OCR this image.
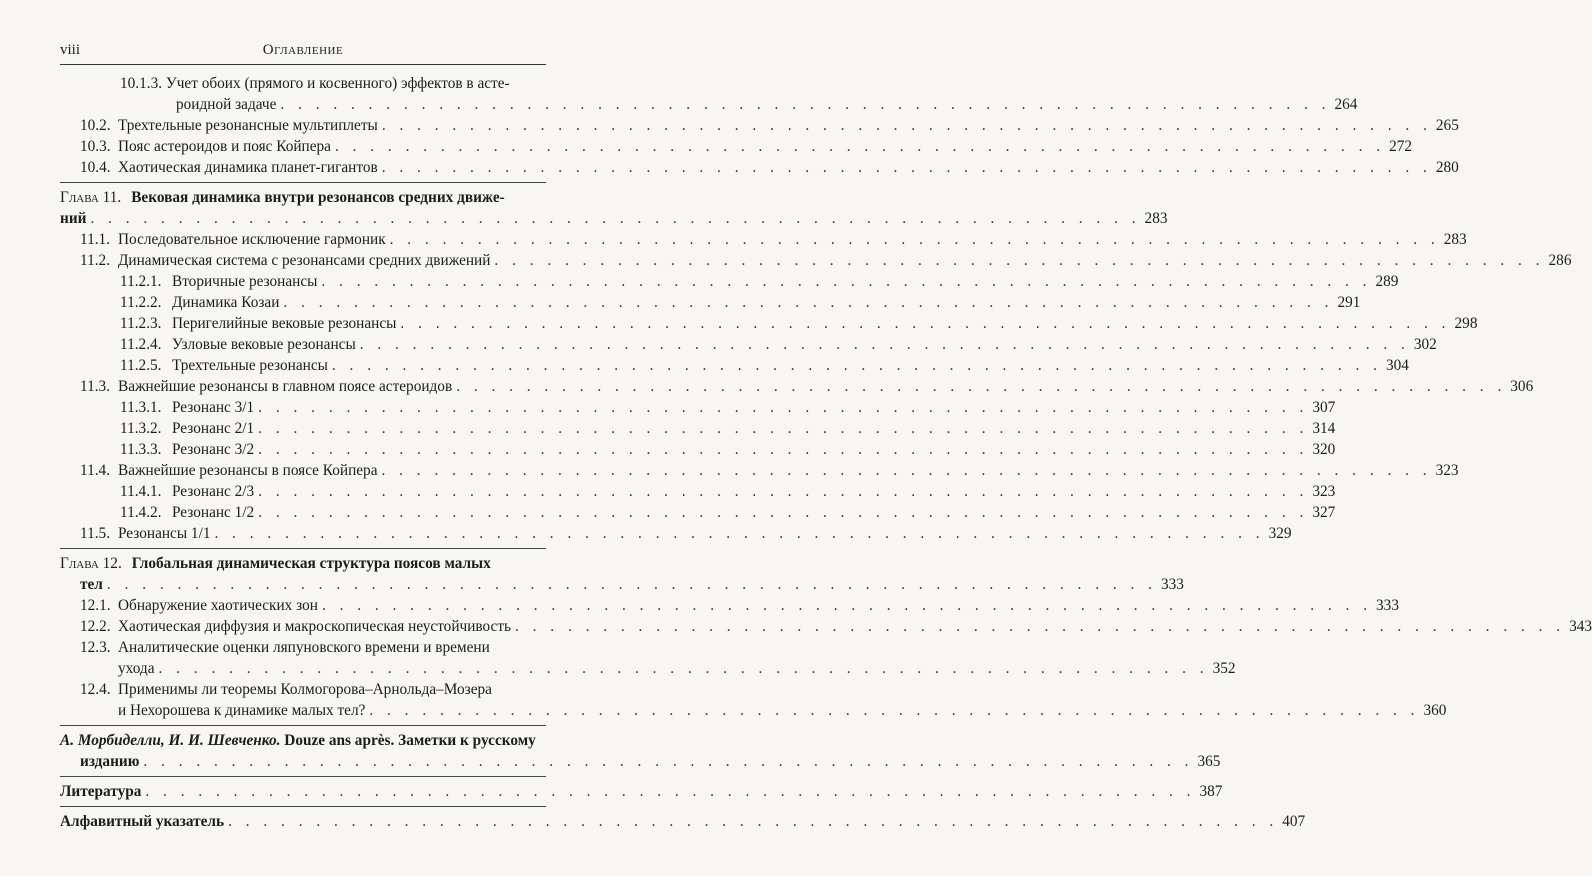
viii	Оглавление
10.1.3. Учет обоих (прямого и косвенного) эффектов в асте-
роидной задаче . . . . . . . . . . . . . . . . . . . . . . . . . . . . . . . . . . . . . . . . . . . . . . . . . . . . . . . . . . . . 264
10.2. Трехтельные резонансные мультиплеты . . . . . . . . . . . . . . . . . . . . . . . . . . . . . . . . . . . . . . . . . . . . . . . . . . . . . . . . . . . . 265
10.3. Пояс астероидов и пояс Койпера . . . . . . . . . . . . . . . . . . . . . . . . . . . . . . . . . . . . . . . . . . . . . . . . . . . . . . . . . . . . 272
10.4. Хаотическая динамика планет-гигантов . . . . . . . . . . . . . . . . . . . . . . . . . . . . . . . . . . . . . . . . . . . . . . . . . . . . . . . . . . . . 280
Глава 11. Вековая динамика внутри резонансов средних движе-
ний . . . . . . . . . . . . . . . . . . . . . . . . . . . . . . . . . . . . . . . . . . . . . . . . . . . . . . . . . . . . 283
11.1. Последовательное исключение гармоник . . . . . . . . . . . . . . . . . . . . . . . . . . . . . . . . . . . . . . . . . . . . . . . . . . . . . . . . . . . . 283
11.2. Динамическая система с резонансами средних движений . . . . . . . . . . . . . . . . . . . . . . . . . . . . . . . . . . . . . . . . . . . . . . . . . . . . . . . . . . . . 286
11.2.1. Вторичные резонансы . . . . . . . . . . . . . . . . . . . . . . . . . . . . . . . . . . . . . . . . . . . . . . . . . . . . . . . . . . . . 289
11.2.2. Динамика Козаи . . . . . . . . . . . . . . . . . . . . . . . . . . . . . . . . . . . . . . . . . . . . . . . . . . . . . . . . . . . . 291
11.2.3. Перигелийные вековые резонансы . . . . . . . . . . . . . . . . . . . . . . . . . . . . . . . . . . . . . . . . . . . . . . . . . . . . . . . . . . . . 298
11.2.4. Узловые вековые резонансы . . . . . . . . . . . . . . . . . . . . . . . . . . . . . . . . . . . . . . . . . . . . . . . . . . . . . . . . . . . . 302
11.2.5. Трехтельные резонансы . . . . . . . . . . . . . . . . . . . . . . . . . . . . . . . . . . . . . . . . . . . . . . . . . . . . . . . . . . . . 304
11.3. Важнейшие резонансы в главном поясе астероидов . . . . . . . . . . . . . . . . . . . . . . . . . . . . . . . . . . . . . . . . . . . . . . . . . . . . . . . . . . . . 306
11.3.1. Резонанс 3/1 . . . . . . . . . . . . . . . . . . . . . . . . . . . . . . . . . . . . . . . . . . . . . . . . . . . . . . . . . . . . 307
11.3.2. Резонанс 2/1 . . . . . . . . . . . . . . . . . . . . . . . . . . . . . . . . . . . . . . . . . . . . . . . . . . . . . . . . . . . . 314
11.3.3. Резонанс 3/2 . . . . . . . . . . . . . . . . . . . . . . . . . . . . . . . . . . . . . . . . . . . . . . . . . . . . . . . . . . . . 320
11.4. Важнейшие резонансы в поясе Койпера . . . . . . . . . . . . . . . . . . . . . . . . . . . . . . . . . . . . . . . . . . . . . . . . . . . . . . . . . . . . 323
11.4.1. Резонанс 2/3 . . . . . . . . . . . . . . . . . . . . . . . . . . . . . . . . . . . . . . . . . . . . . . . . . . . . . . . . . . . . 323
11.4.2. Резонанс 1/2 . . . . . . . . . . . . . . . . . . . . . . . . . . . . . . . . . . . . . . . . . . . . . . . . . . . . . . . . . . . . 327
11.5. Резонансы 1/1 . . . . . . . . . . . . . . . . . . . . . . . . . . . . . . . . . . . . . . . . . . . . . . . . . . . . . . . . . . . . 329
Глава 12. Глобальная динамическая структура поясов малых
тел . . . . . . . . . . . . . . . . . . . . . . . . . . . . . . . . . . . . . . . . . . . . . . . . . . . . . . . . . . . . 333
12.1. Обнаружение хаотических зон . . . . . . . . . . . . . . . . . . . . . . . . . . . . . . . . . . . . . . . . . . . . . . . . . . . . . . . . . . . . 333
12.2. Хаотическая диффузия и макроскопическая неустойчивость . . . . . . . . . . . . . . . . . . . . . . . . . . . . . . . . . . . . . . . . . . . . . . . . . . . . . . . . . . . . 343
12.3. Аналитические оценки ляпуновского времени и времени
ухода . . . . . . . . . . . . . . . . . . . . . . . . . . . . . . . . . . . . . . . . . . . . . . . . . . . . . . . . . . . . 352
12.4. Применимы ли теоремы Колмогорова–Арнольда–Мозера
и Нехорошева к динамике малых тел? . . . . . . . . . . . . . . . . . . . . . . . . . . . . . . . . . . . . . . . . . . . . . . . . . . . . . . . . . . . . 360
А. Морбиделли, И. И. Шевченко. Douze ans après. Заметки к русскому
изданию . . . . . . . . . . . . . . . . . . . . . . . . . . . . . . . . . . . . . . . . . . . . . . . . . . . . . . . . . . . . 365
Литература . . . . . . . . . . . . . . . . . . . . . . . . . . . . . . . . . . . . . . . . . . . . . . . . . . . . . . . . . . . . 387
Алфавитный указатель . . . . . . . . . . . . . . . . . . . . . . . . . . . . . . . . . . . . . . . . . . . . . . . . . . . . . . . . . . . . 407
